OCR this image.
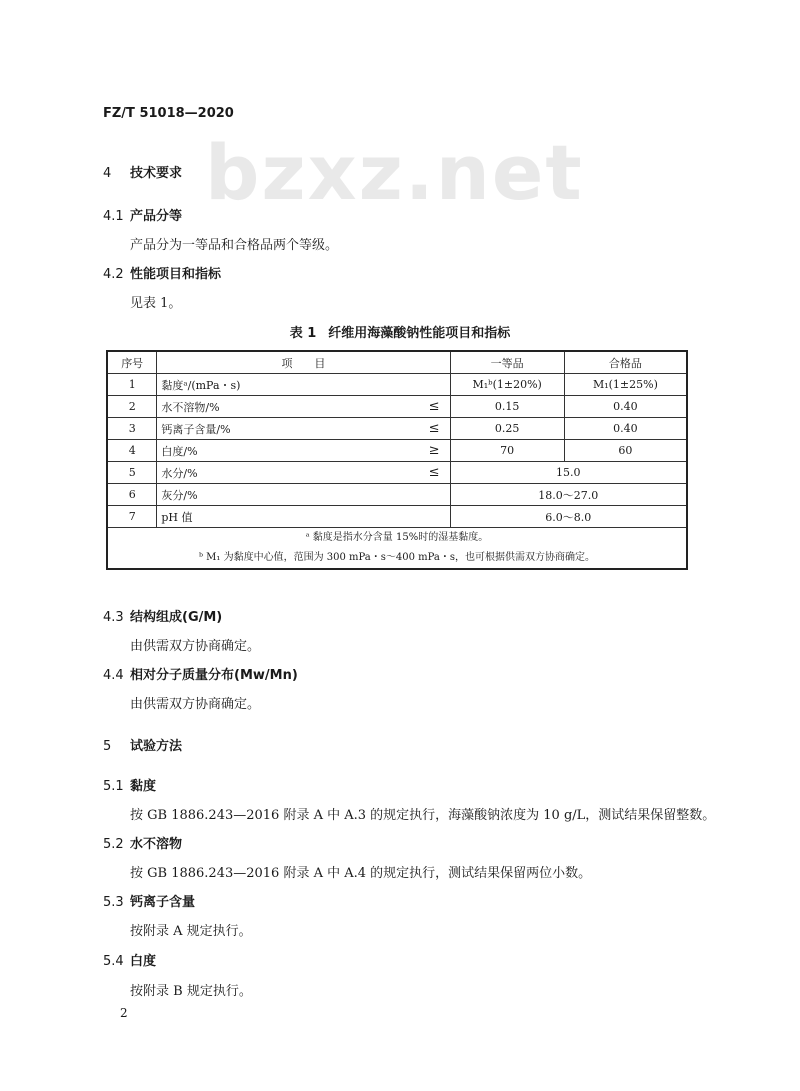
bzxz.net
FZ/T 51018—2020
4 技术要求
4.1 产品分等
产品分为一等品和合格品两个等级。
4.2 性能项目和指标
见表 1。
表 1 纤维用海藻酸钠性能项目和指标
序号	项　　目	一等品	合格品
1	黏度ᵃ/(mPa・s)	M₁ᵇ(1±20%)	M₁(1±25%)
2	水不溶物/% ≤	0.15	0.40
3	钙离子含量/% ≤	0.25	0.40
4	白度/% ≥	70	60
5	水分/% ≤	15.0	
6	灰分/%	18.0～27.0	
7	pH 值	6.0～8.0	

ᵃ 黏度是指水分含量 15%时的湿基黏度。
ᵇ M₁ 为黏度中心值，范围为 300 mPa・s～400 mPa・s，也可根据供需双方协商确定。			
4.3 结构组成(G/M)
由供需双方协商确定。
4.4 相对分子质量分布(Mw/Mn)
由供需双方协商确定。
5 试验方法
5.1 黏度
按 GB 1886.243—2016 附录 A 中 A.3 的规定执行，海藻酸钠浓度为 10 g/L，测试结果保留整数。
5.2 水不溶物
按 GB 1886.243—2016 附录 A 中 A.4 的规定执行，测试结果保留两位小数。
5.3 钙离子含量
按附录 A 规定执行。
5.4 白度
按附录 B 规定执行。
2
